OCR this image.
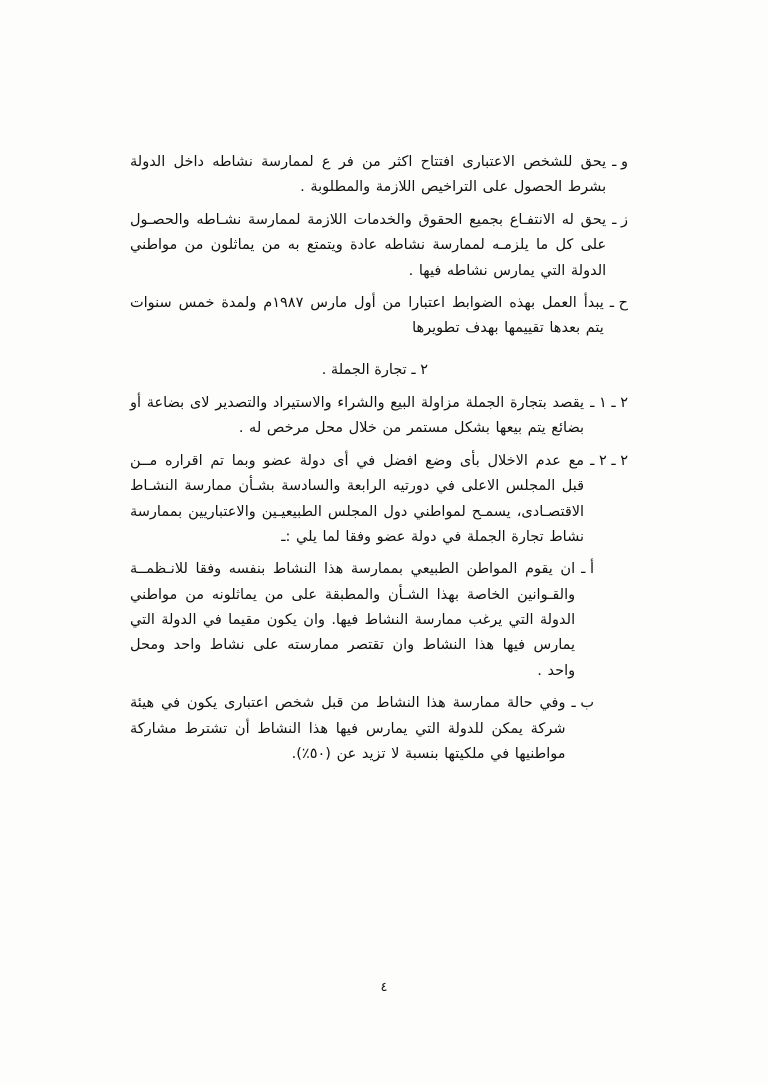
و ـ
يحق للشخص الاعتبارى افتتاح اكثر من فر ع لممارسة نشاطه داخل الدولة بشرط الحصول على التراخيص اللازمة والمطلوبة .
ز ـ
يحق له الانتفـاع بجميع الحقوق والخدمات اللازمة لممارسة نشـاطه والحصـول على كل ما يلزمـه لممارسة نشاطه عادة ويتمتع به من يماثلون من مواطني الدولة التي يمارس نشاطه فيها .
ح ـ
يبدأ العمل بهذه الضوابط اعتبارا من أول مارس ١٩٨٧م ولمدة خمس سنوات يتم بعدها تقييمها بهدف تطويرها
٢ ـ تجارة الجملة .
٢ ـ ١ ـ
يقصد بتجارة الجملة مزاولة البيع والشراء والاستيراد والتصدير لاى بضاعة أو بضائع يتم بيعها بشكل مستمر من خلال محل مرخص له .
٢ ـ ٢ ـ
مع عدم الاخلال بأى وضع افضل في أى دولة عضو وبما تم اقراره مــن قبل المجلس الاعلى في دورتيه الرابعة والسادسة بشـأن ممارسة النشـاط الاقتصـادى، يسمـح لمواطني دول المجلس الطبيعيـين والاعتباريين بممارسة نشاط تجارة الجملة في دولة عضو وفقا لما يلي :ـ
أ ـ
ان يقوم المواطن الطبيعي بممارسة هذا النشاط بنفسه وفقا للانـظمــة والقـوانين الخاصة بهذا الشـأن والمطبقة على من يماثلونه من مواطني الدولة التي يرغب ممارسة النشاط فيها. وان يكون مقيما في الدولة التي يمارس فيها هذا النشاط وان تقتصر ممارسته على نشاط واحد ومحل واحد .
ب ـ
وفي حالة ممارسة هذا النشاط من قبل شخص اعتبارى يكون في هيئة شركة يمكن للدولة التي يمارس فيها هذا النشاط أن تشترط مشاركة مواطنيها في ملكيتها بنسبة لا تزيد عن (٥٠٪).
٤
